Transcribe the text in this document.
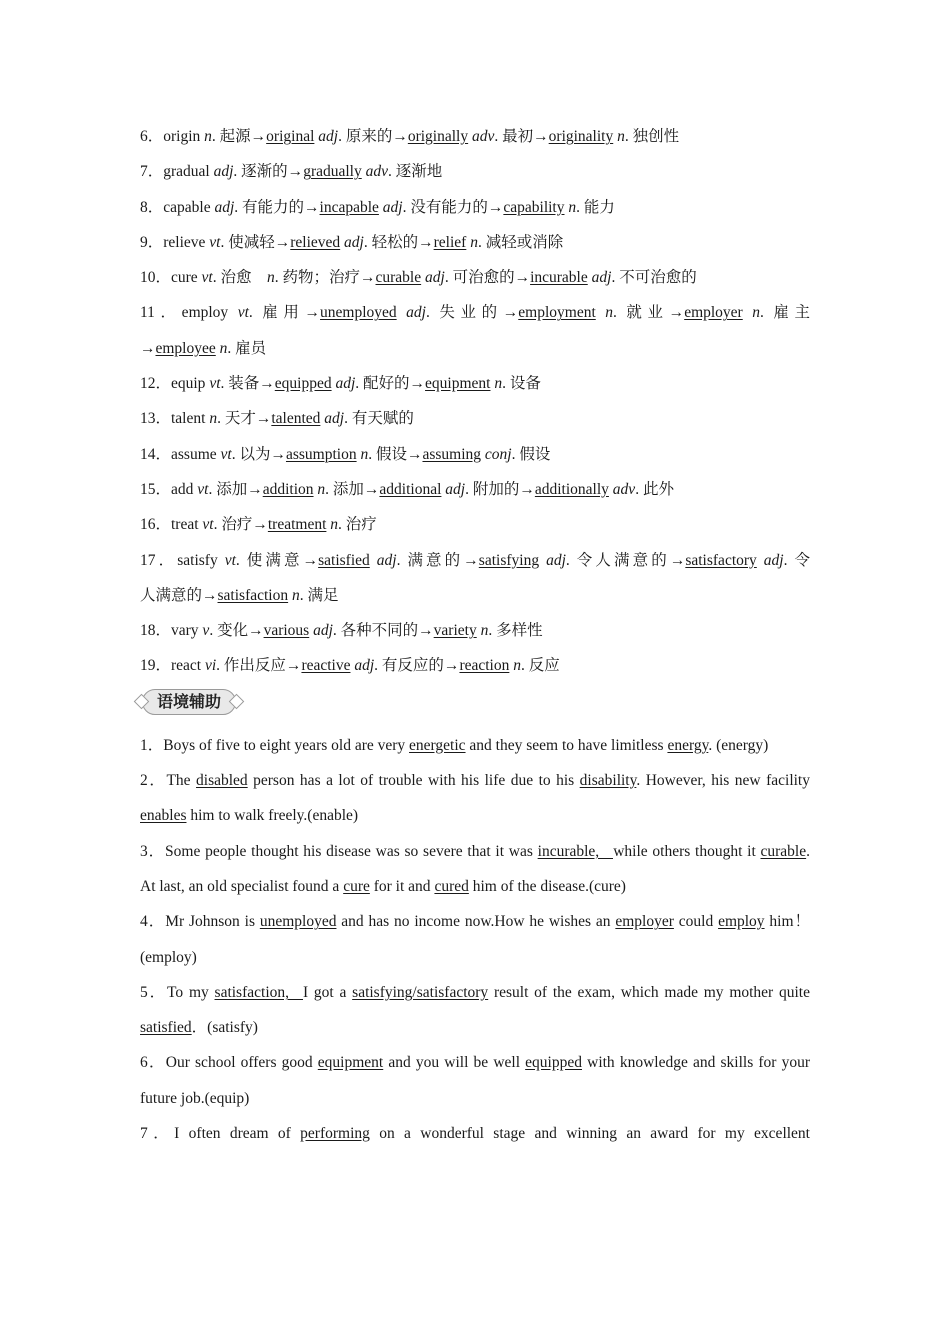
6．origin n. 起源→original adj. 原来的→originally adv. 最初→originality n. 独创性
7．gradual adj. 逐渐的→gradually adv. 逐渐地
8．capable adj. 有能力的→incapable adj. 没有能力的→capability n. 能力
9．relieve vt. 使减轻→relieved adj. 轻松的→relief n. 减轻或消除
10．cure vt. 治愈　n. 药物；治疗→curable adj. 可治愈的→incurable adj. 不可治愈的
11．employ vt. 雇用→unemployed adj. 失业的→employment n. 就业→employer n. 雇主
→employee n. 雇员
12．equip vt. 装备→equipped adj. 配好的→equipment n. 设备
13．talent n. 天才→talented adj. 有天赋的
14．assume vt. 以为→assumption n. 假设→assuming conj. 假设
15．add vt. 添加→addition n. 添加→additional adj. 附加的→additionally adv. 此外
16．treat vt. 治疗→treatment n. 治疗
17．satisfy vt. 使满意→satisfied adj. 满意的→satisfying adj. 令人满意的→satisfactory adj. 令
人满意的→satisfaction n. 满足
18．vary v. 变化→various adj. 各种不同的→variety n. 多样性
19．react vi. 作出反应→reactive adj. 有反应的→reaction n. 反应
语境辅助
1．Boys of five to eight years old are very energetic and they seem to have limitless energy. (energy)
2．The disabled person has a lot of trouble with his life due to his disability. However, his new facility enables him to walk freely.(enable)
3．Some people thought his disease was so severe that it was incurable, while others thought it curable. At last, an old specialist found a cure for it and cured him of the disease.(cure)
4．Mr Johnson is unemployed and has no income now.How he wishes an employer could employ him！(employ)
5．To my satisfaction, I got a satisfying/satisfactory result of the exam, which made my mother quite satisfied．(satisfy)
6．Our school offers good equipment and you will be well equipped with knowledge and skills for your future job.(equip)
7．I often dream of performing on a wonderful stage and winning an award for my excellent
